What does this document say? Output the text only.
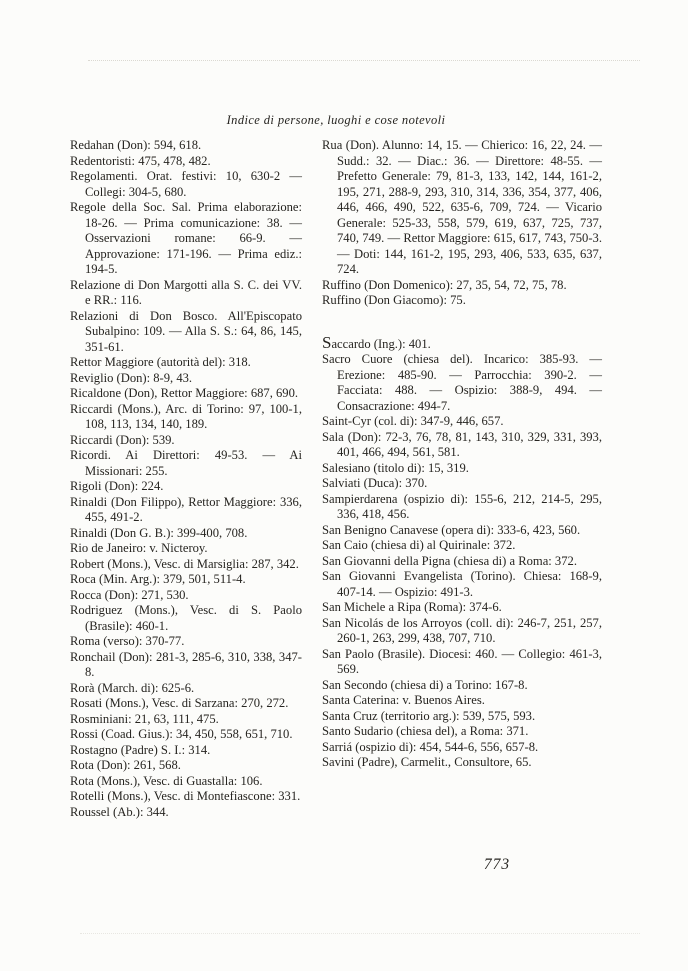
Indice di persone, luoghi e cose notevoli

Redahan (Don): 594, 618.

Redentoristi: 475, 478, 482.

Regolamenti. Orat. festivi: 10, 630-2 — Collegi: 304-5, 680.

Regole della Soc. Sal. Prima elaborazione: 18-26. — Prima comunicazione: 38. — Osservazioni romane: 66-9. — Approvazione: 171-196. — Prima ediz.: 194-5.

Relazione di Don Margotti alla S. C. dei VV. e RR.: 116.

Relazioni di Don Bosco. All'Episcopato Subalpino: 109. — Alla S. S.: 64, 86, 145, 351-61.

Rettor Maggiore (autorità del): 318.

Reviglio (Don): 8-9, 43.

Ricaldone (Don), Rettor Maggiore: 687, 690.

Riccardi (Mons.), Arc. di Torino: 97, 100-1, 108, 113, 134, 140, 189.

Riccardi (Don): 539.

Ricordi. Ai Direttori: 49-53. — Ai Missionari: 255.

Rigoli (Don): 224.

Rinaldi (Don Filippo), Rettor Maggiore: 336, 455, 491-2.

Rinaldi (Don G. B.): 399-400, 708.

Rio de Janeiro: v. Nicteroy.

Robert (Mons.), Vesc. di Marsiglia: 287, 342.

Roca (Min. Arg.): 379, 501, 511-4.

Rocca (Don): 271, 530.

Rodriguez (Mons.), Vesc. di S. Paolo (Brasile): 460-1.

Roma (verso): 370-77.

Ronchail (Don): 281-3, 285-6, 310, 338, 347-8.

Rorà (March. di): 625-6.

Rosati (Mons.), Vesc. di Sarzana: 270, 272.

Rosminiani: 21, 63, 111, 475.

Rossi (Coad. Gius.): 34, 450, 558, 651, 710.

Rostagno (Padre) S. I.: 314.

Rota (Don): 261, 568.

Rota (Mons.), Vesc. di Guastalla: 106.

Rotelli (Mons.), Vesc. di Montefiascone: 331.

Roussel (Ab.): 344.

Rua (Don). Alunno: 14, 15. — Chierico: 16, 22, 24. — Sudd.: 32. — Diac.: 36. — Direttore: 48-55. — Prefetto Generale: 79, 81-3, 133, 142, 144, 161-2, 195, 271, 288-9, 293, 310, 314, 336, 354, 377, 406, 446, 466, 490, 522, 635-6, 709, 724. — Vicario Generale: 525-33, 558, 579, 619, 637, 725, 737, 740, 749. — Rettor Maggiore: 615, 617, 743, 750-3. — Doti: 144, 161-2, 195, 293, 406, 533, 635, 637, 724.

Ruffino (Don Domenico): 27, 35, 54, 72, 75, 78.

Ruffino (Don Giacomo): 75.

Saccardo (Ing.): 401.

Sacro Cuore (chiesa del). Incarico: 385-93. — Erezione: 485-90. — Parrocchia: 390-2. — Facciata: 488. — Ospizio: 388-9, 494. — Consacrazione: 494-7.

Saint-Cyr (col. di): 347-9, 446, 657.

Sala (Don): 72-3, 76, 78, 81, 143, 310, 329, 331, 393, 401, 466, 494, 561, 581.

Salesiano (titolo di): 15, 319.

Salviati (Duca): 370.

Sampierdarena (ospizio di): 155-6, 212, 214-5, 295, 336, 418, 456.

San Benigno Canavese (opera di): 333-6, 423, 560.

San Caio (chiesa di) al Quirinale: 372.

San Giovanni della Pigna (chiesa di) a Roma: 372.

San Giovanni Evangelista (Torino). Chiesa: 168-9, 407-14. — Ospizio: 491-3.

San Michele a Ripa (Roma): 374-6.

San Nicolás de los Arroyos (coll. di): 246-7, 251, 257, 260-1, 263, 299, 438, 707, 710.

San Paolo (Brasile). Diocesi: 460. — Collegio: 461-3, 569.

San Secondo (chiesa di) a Torino: 167-8.

Santa Caterina: v. Buenos Aires.

Santa Cruz (territorio arg.): 539, 575, 593.

Santo Sudario (chiesa del), a Roma: 371.

Sarriá (ospizio di): 454, 544-6, 556, 657-8.

Savini (Padre), Carmelit., Consultore, 65.

773
